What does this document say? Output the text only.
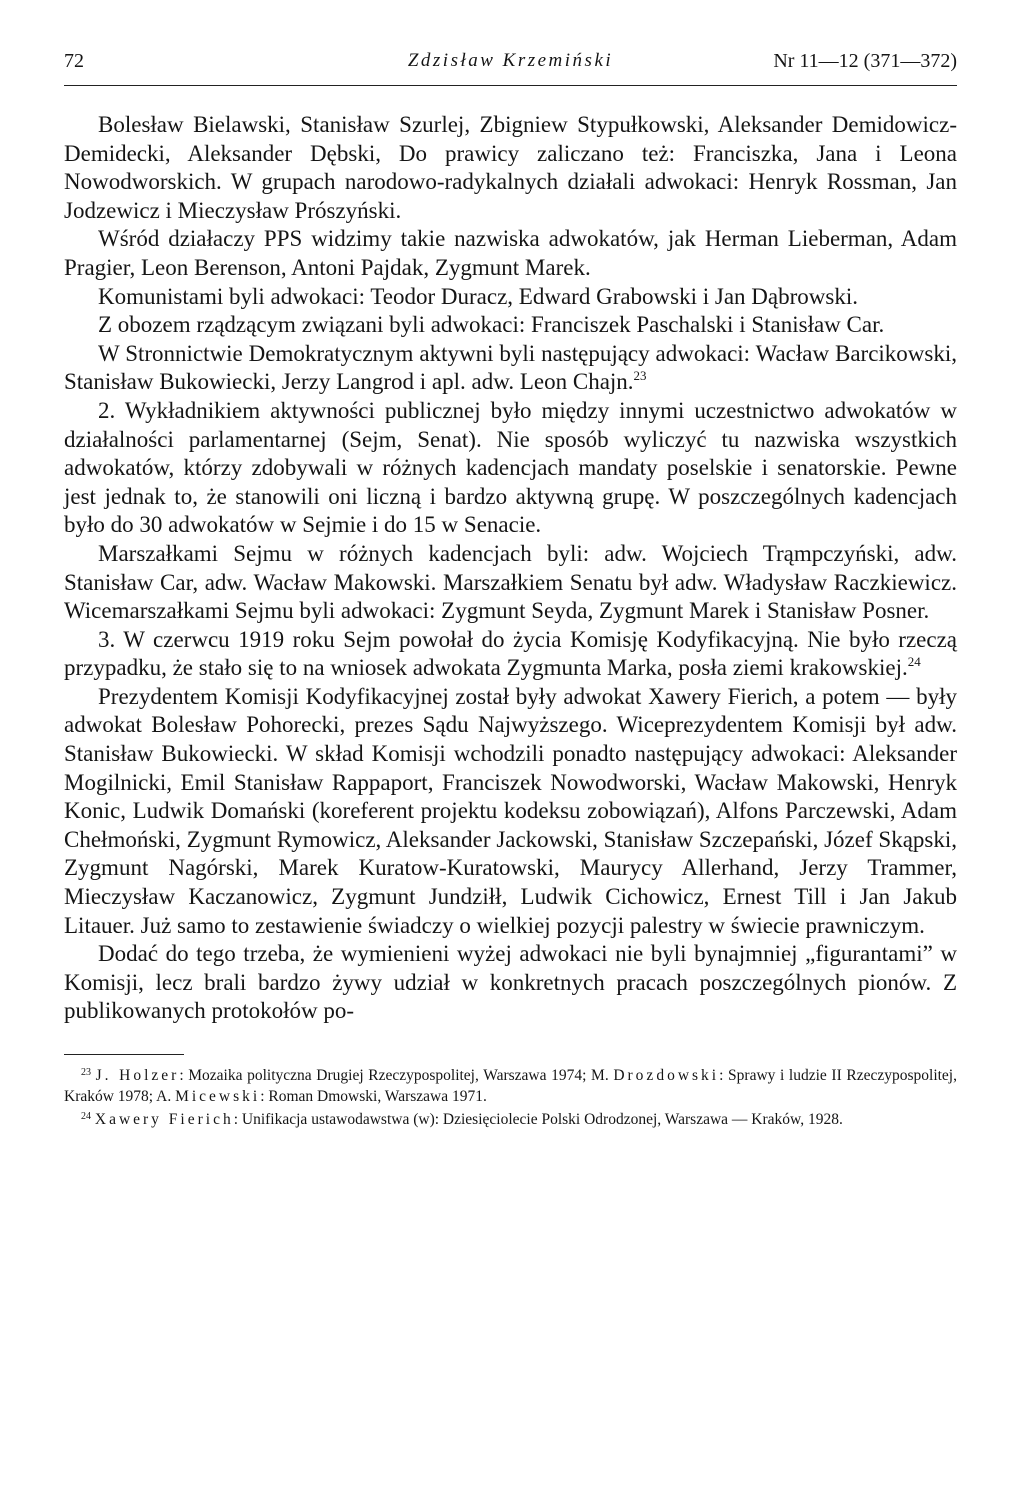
72	Zdzisław Krzemiński	Nr 11—12 (371—372)

Bolesław Bielawski, Stanisław Szurlej, Zbigniew Stypułkowski, Aleksander Demidowicz-Demidecki, Aleksander Dębski, Do prawicy zaliczano też: Franciszka, Jana i Leona Nowodworskich. W grupach narodowo-radykalnych działali adwokaci: Henryk Rossman, Jan Jodzewicz i Mieczysław Prószyński.

Wśród działaczy PPS widzimy takie nazwiska adwokatów, jak Herman Lieberman, Adam Pragier, Leon Berenson, Antoni Pajdak, Zygmunt Marek.

Komunistami byli adwokaci: Teodor Duracz, Edward Grabowski i Jan Dąbrowski.

Z obozem rządzącym związani byli adwokaci: Franciszek Paschalski i Stanisław Car.

W Stronnictwie Demokratycznym aktywni byli następujący adwokaci: Wacław Barcikowski, Stanisław Bukowiecki, Jerzy Langrod i apl. adw. Leon Chajn.$^{23}$

2. Wykładnikiem aktywności publicznej było między innymi uczestnictwo adwokatów w działalności parlamentarnej (Sejm, Senat). Nie sposób wyliczyć tu nazwiska wszystkich adwokatów, którzy zdobywali w różnych kadencjach mandaty poselskie i senatorskie. Pewne jest jednak to, że stanowili oni liczną i bardzo aktywną grupę. W poszczególnych kadencjach było do 30 adwokatów w Sejmie i do 15 w Senacie.

Marszałkami Sejmu w różnych kadencjach byli: adw. Wojciech Trąmpczyński, adw. Stanisław Car, adw. Wacław Makowski. Marszałkiem Senatu był adw. Władysław Raczkiewicz. Wicemarszałkami Sejmu byli adwokaci: Zygmunt Seyda, Zygmunt Marek i Stanisław Posner.

3. W czerwcu 1919 roku Sejm powołał do życia Komisję Kodyfikacyjną. Nie było rzeczą przypadku, że stało się to na wniosek adwokata Zygmunta Marka, posła ziemi krakowskiej.$^{24}$

Prezydentem Komisji Kodyfikacyjnej został były adwokat Xawery Fierich, a potem — były adwokat Bolesław Pohorecki, prezes Sądu Najwyższego. Wiceprezydentem Komisji był adw. Stanisław Bukowiecki. W skład Komisji wchodzili ponadto następujący adwokaci: Aleksander Mogilnicki, Emil Stanisław Rappaport, Franciszek Nowodworski, Wacław Makowski, Henryk Konic, Ludwik Domański (koreferent projektu kodeksu zobowiązań), Alfons Parczewski, Adam Chełmoński, Zygmunt Rymowicz, Aleksander Jackowski, Stanisław Szczepański, Józef Skąpski, Zygmunt Nagórski, Marek Kuratow-Kuratowski, Maurycy Allerhand, Jerzy Trammer, Mieczysław Kaczanowicz, Zygmunt Jundziłł, Ludwik Cichowicz, Ernest Till i Jan Jakub Litauer. Już samo to zestawienie świadczy o wielkiej pozycji palestry w świecie prawniczym.

Dodać do tego trzeba, że wymienieni wyżej adwokaci nie byli bynajmniej „figurantami” w Komisji, lecz brali bardzo żywy udział w konkretnych pracach poszczególnych pionów. Z publikowanych protokołów po-

$^{23}$ J. Holzer: Mozaika polityczna Drugiej Rzeczypospolitej, Warszawa 1974; M. Drozdowski: Sprawy i ludzie II Rzeczypospolitej, Kraków 1978; A. Micewski: Roman Dmowski, Warszawa 1971.

$^{24}$ Xawery Fierich: Unifikacja ustawodawstwa (w): Dziesięciolecie Polski Odrodzonej, Warszawa — Kraków, 1928.
